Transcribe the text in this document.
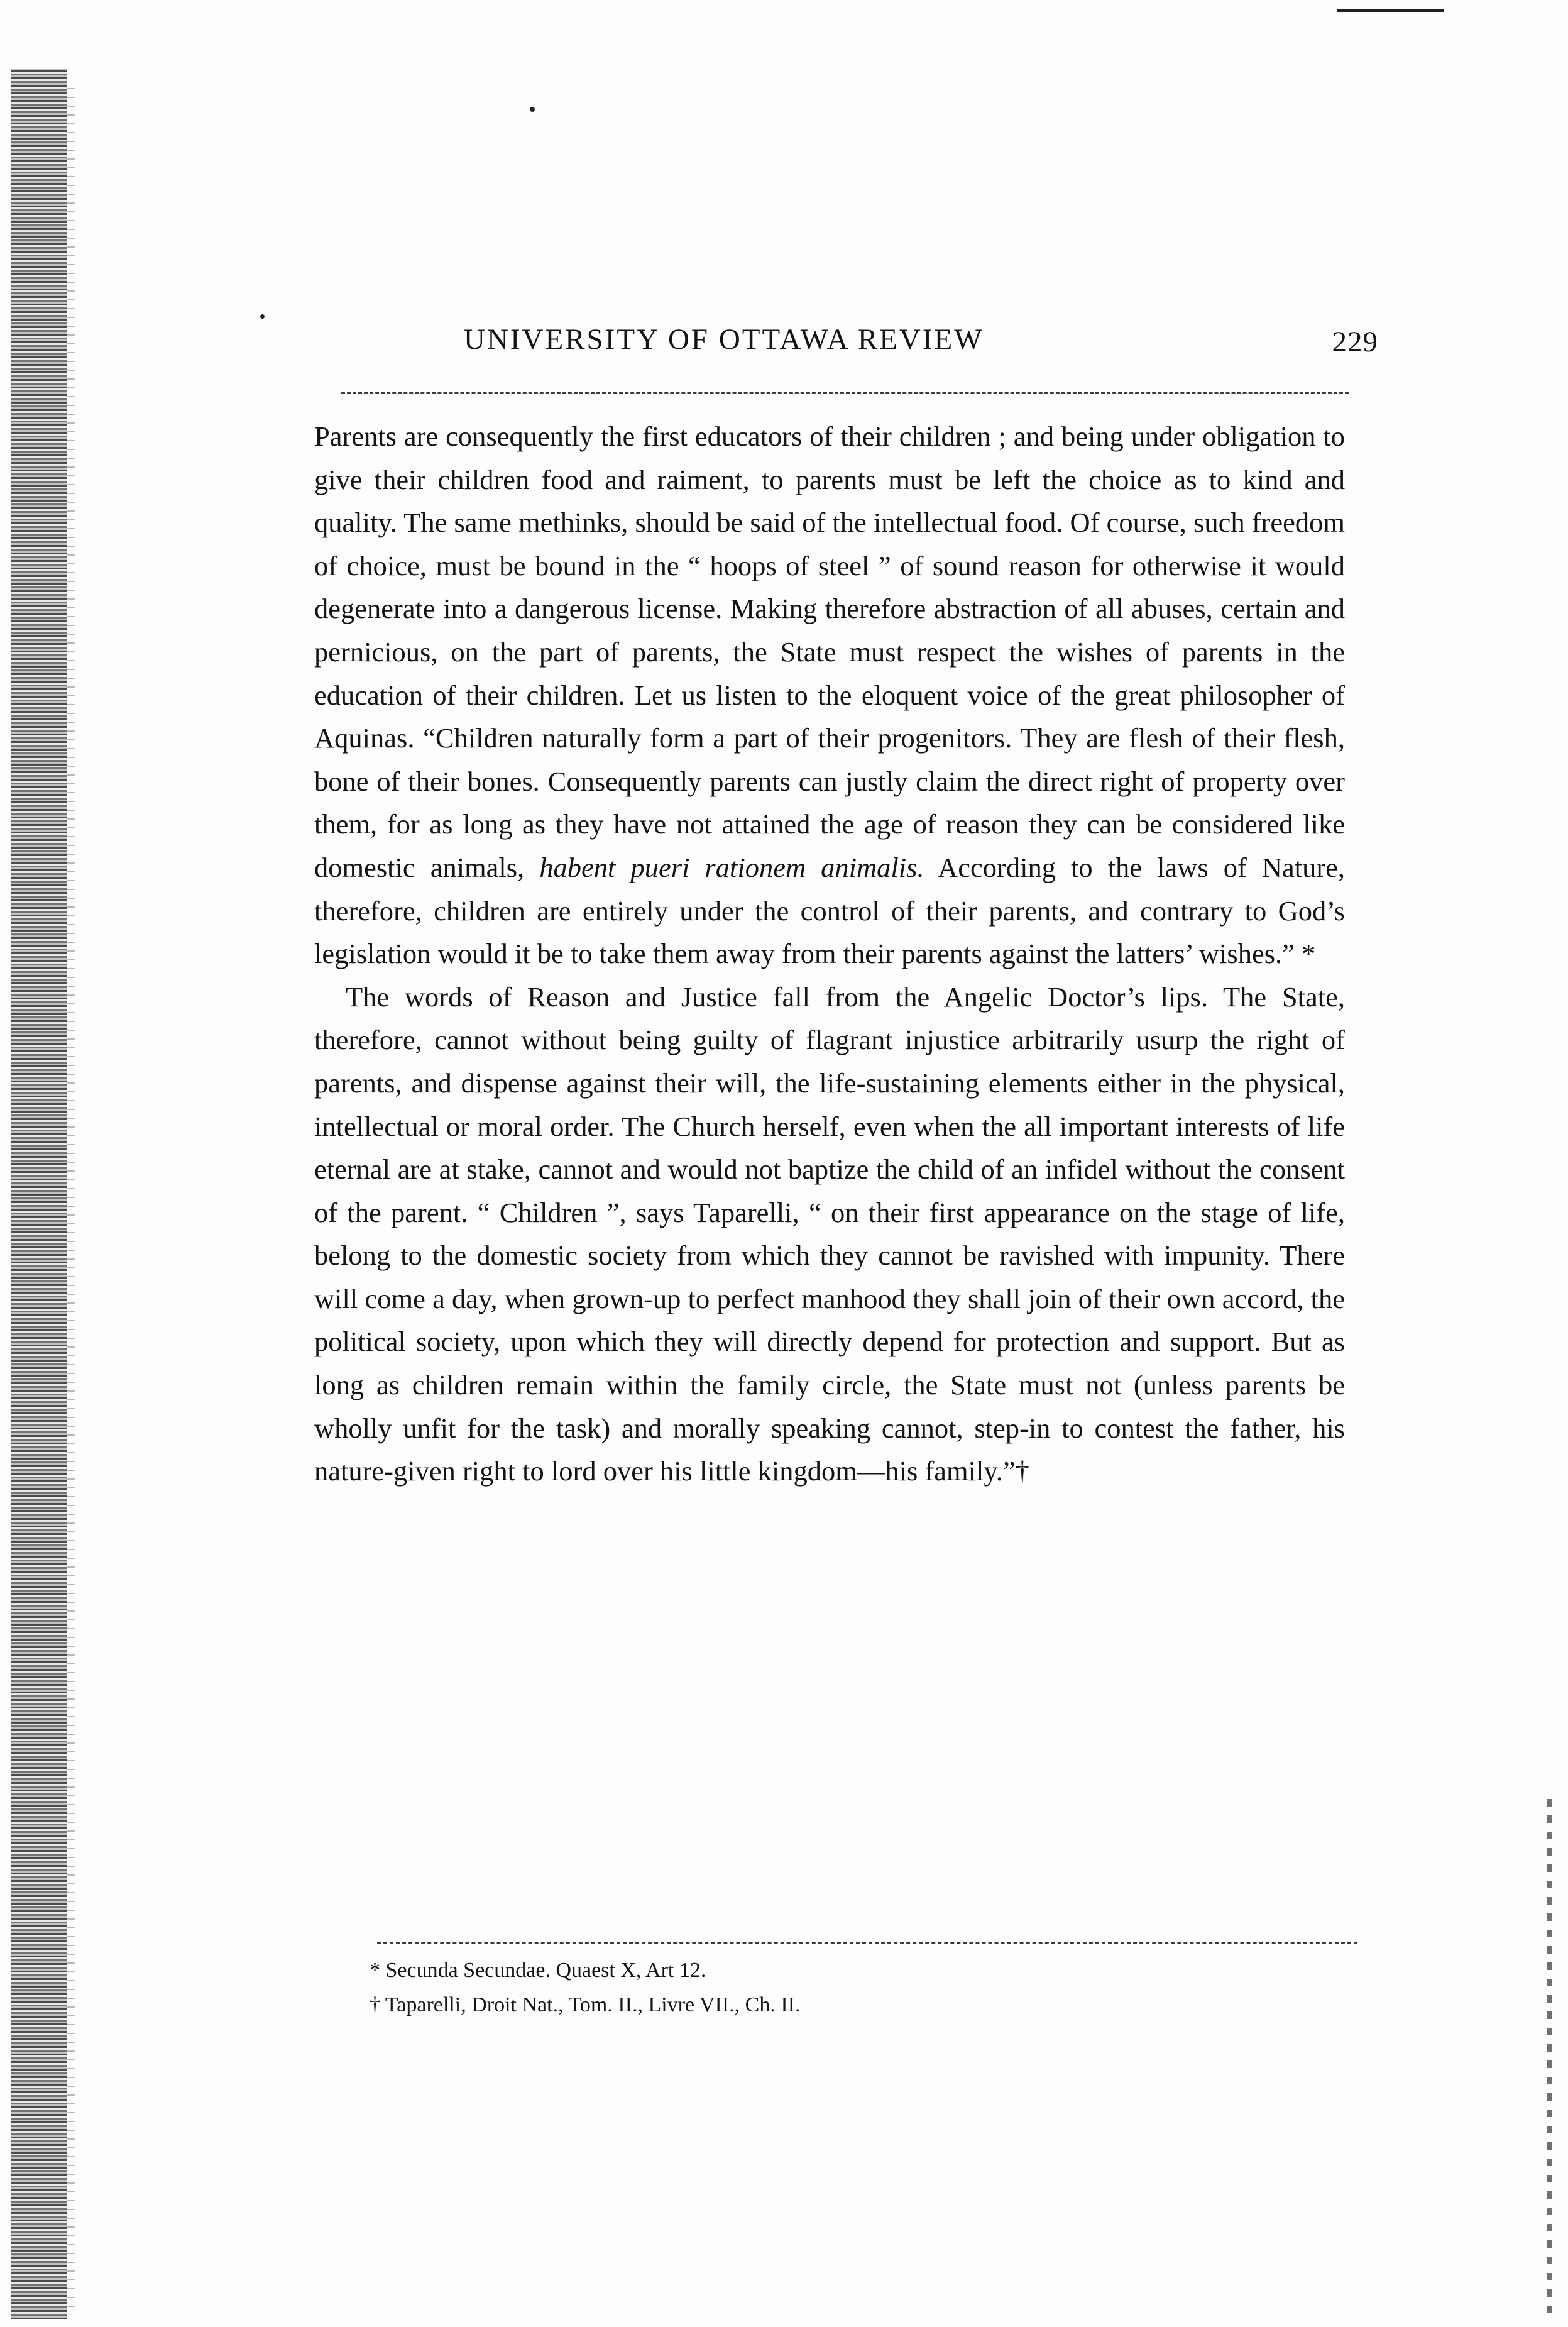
UNIVERSITY OF OTTAWA REVIEW	229

Parents are consequently the first educators of their children ; and being under obligation to give their children food and raiment, to parents must be left the choice as to kind and quality. The same methinks, should be said of the intellectual food. Of course, such freedom of choice, must be bound in the “ hoops of steel ” of sound reason for otherwise it would degenerate into a dangerous license. Making therefore abstraction of all abuses, certain and pernicious, on the part of parents, the State must respect the wishes of parents in the education of their children. Let us listen to the eloquent voice of the great philosopher of Aquinas. “Children naturally form a part of their progenitors. They are flesh of their flesh, bone of their bones. Consequently parents can justly claim the direct right of property over them, for as long as they have not attained the age of reason they can be considered like domestic animals, habent pueri rationem animalis. According to the laws of Nature, therefore, children are entirely under the control of their parents, and contrary to God’s legislation would it be to take them away from their parents against the latters’ wishes.” *

The words of Reason and Justice fall from the Angelic Doctor’s lips. The State, therefore, cannot without being guilty of flagrant injustice arbitrarily usurp the right of parents, and dispense against their will, the life-sustaining elements either in the physical, intellectual or moral order. The Church herself, even when the all important interests of life eternal are at stake, cannot and would not baptize the child of an infidel without the consent of the parent. “ Children ”, says Taparelli, “ on their first appearance on the stage of life, belong to the domestic society from which they cannot be ravished with impunity. There will come a day, when grown-up to perfect manhood they shall join of their own accord, the political society, upon which they will directly depend for protection and support. But as long as children remain within the family circle, the State must not (unless parents be wholly unfit for the task) and morally speaking cannot, step-in to contest the father, his nature-given right to lord over his little kingdom—his family.”†

* Secunda Secundae. Quaest X, Art 12.
† Taparelli, Droit Nat., Tom. II., Livre VII., Ch. II.
